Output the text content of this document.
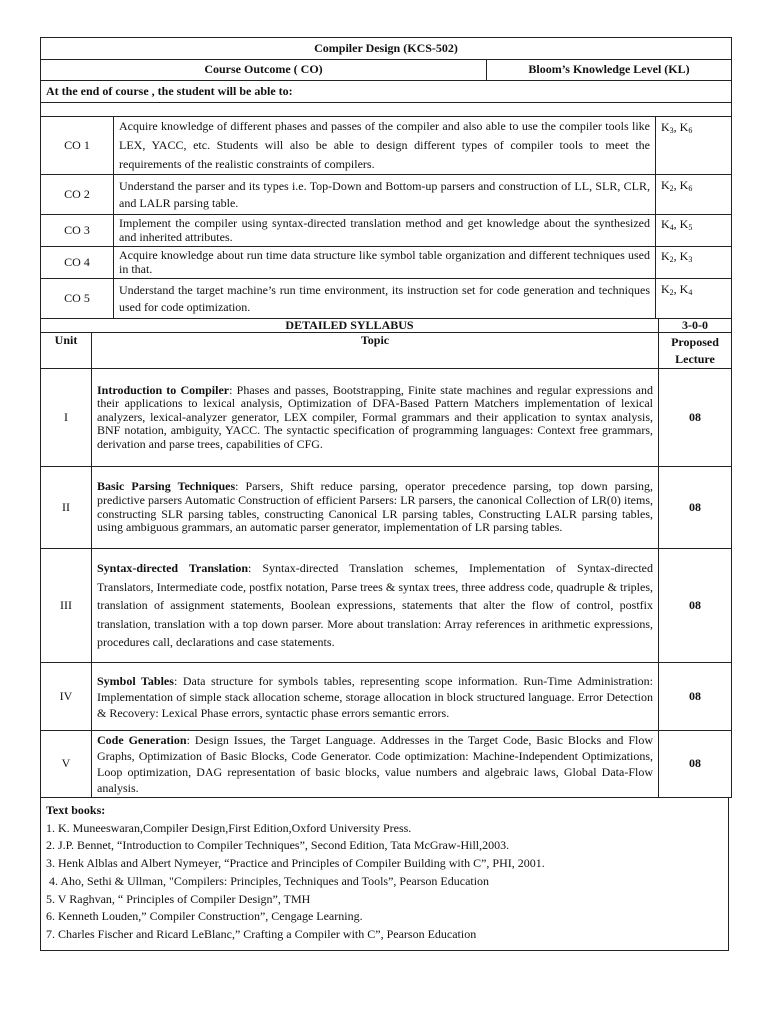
Compiler Design (KCS-502)			
Course Outcome ( CO)		Bloom’s Knowledge Level (KL)	
At the end of course , the student will be able to:			

CO 1	Acquire knowledge of different phases and passes of the compiler and also able to use the compiler tools like LEX, YACC, etc. Students will also be able to design different types of compiler tools to meet the requirements of the realistic constraints of compilers.		$K_3$, $K_6$
CO 2	Understand the parser and its types i.e. Top-Down and Bottom-up parsers and construction of LL, SLR, CLR, and LALR parsing table.		$K_2$, $K_6$
CO 3	Implement the compiler using syntax-directed translation method and get knowledge about the synthesized and inherited attributes.		$K_4$, $K_5$
CO 4	Acquire knowledge about run time data structure like symbol table organization and different techniques used in that.		$K_2$, $K_3$
CO 5	Understand the target machine’s run time environment, its instruction set for code generation and techniques used for code optimization.		$K_2$, $K_4$
DETAILED SYLLABUS		3-0-0
Unit	Topic	Proposed Lecture
I	Introduction to Compiler: Phases and passes, Bootstrapping, Finite state machines and regular expressions and their applications to lexical analysis, Optimization of DFA-Based Pattern Matchers implementation of lexical analyzers, lexical-analyzer generator, LEX compiler, Formal grammars and their application to syntax analysis, BNF notation, ambiguity, YACC. The syntactic specification of programming languages: Context free grammars, derivation and parse trees, capabilities of CFG.	08
II	Basic Parsing Techniques: Parsers, Shift reduce parsing, operator precedence parsing, top down parsing, predictive parsers Automatic Construction of efficient Parsers: LR parsers, the canonical Collection of LR(0) items, constructing SLR parsing tables, constructing Canonical LR parsing tables, Constructing LALR parsing tables, using ambiguous grammars, an automatic parser generator, implementation of LR parsing tables.	08
III	Syntax-directed Translation: Syntax-directed Translation schemes, Implementation of Syntax-directed Translators, Intermediate code, postfix notation, Parse trees & syntax trees, three address code, quadruple & triples, translation of assignment statements, Boolean expressions, statements that alter the flow of control, postfix translation, translation with a top down parser. More about translation: Array references in arithmetic expressions, procedures call, declarations and case statements.	08
IV	Symbol Tables: Data structure for symbols tables, representing scope information. Run-Time Administration: Implementation of simple stack allocation scheme, storage allocation in block structured language. Error Detection & Recovery: Lexical Phase errors, syntactic phase errors semantic errors.	08
V	Code Generation: Design Issues, the Target Language. Addresses in the Target Code, Basic Blocks and Flow Graphs, Optimization of Basic Blocks, Code Generator. Code optimization: Machine-Independent Optimizations, Loop optimization, DAG representation of basic blocks, value numbers and algebraic laws, Global Data-Flow analysis.	08
Text books:
1. K. Muneeswaran,Compiler Design,First Edition,Oxford University Press.
2. J.P. Bennet, “Introduction to Compiler Techniques”, Second Edition, Tata McGraw-Hill,2003.
3. Henk Alblas and Albert Nymeyer, “Practice and Principles of Compiler Building with C”, PHI, 2001.
4. Aho, Sethi & Ullman, "Compilers: Principles, Techniques and Tools”, Pearson Education
5. V Raghvan, “ Principles of Compiler Design”, TMH
6. Kenneth Louden,” Compiler Construction”, Cengage Learning.
7. Charles Fischer and Ricard LeBlanc,” Crafting a Compiler with C”, Pearson Education
